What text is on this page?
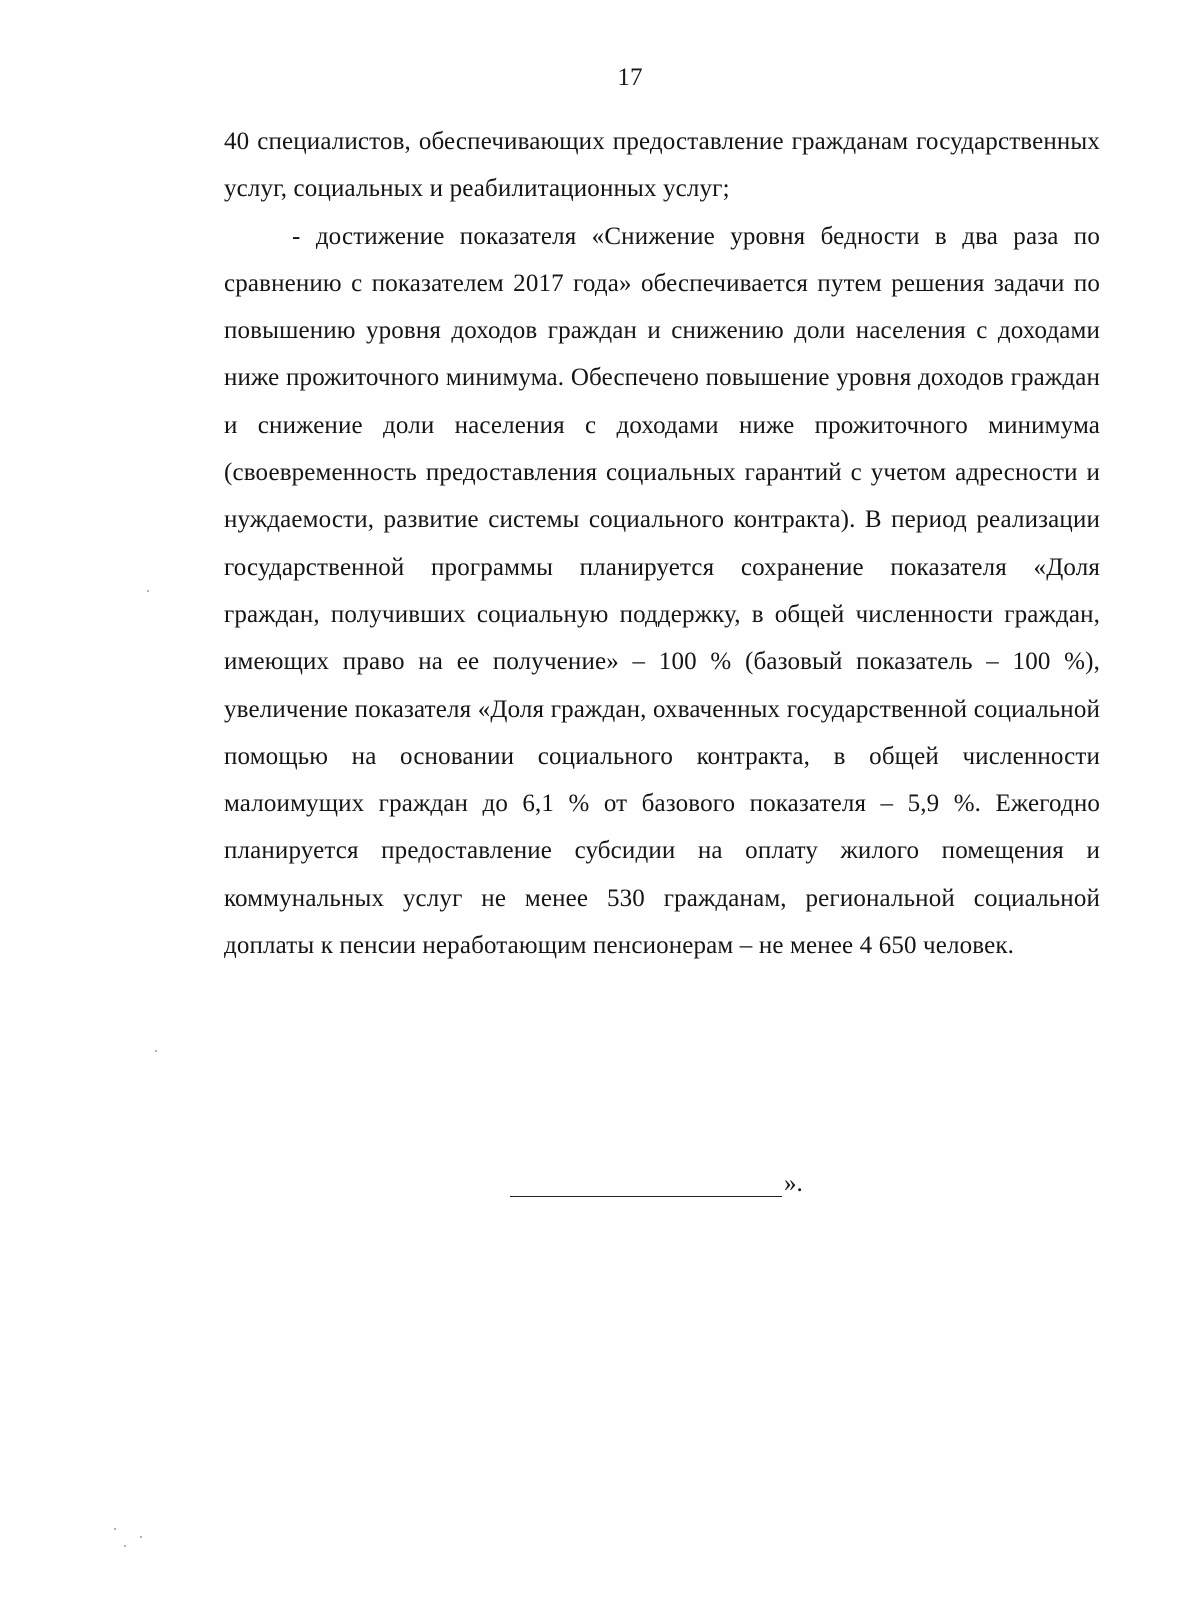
17

40 специалистов, обеспечивающих предоставление гражданам государственных услуг, социальных и реабилитационных услуг;

- достижение показателя «Снижение уровня бедности в два раза по сравнению с показателем 2017 года» обеспечивается путем решения задачи по повышению уровня доходов граждан и снижению доли населения с доходами ниже прожиточного минимума. Обеспечено повышение уровня доходов граждан и снижение доли населения с доходами ниже прожиточного минимума (своевременность предоставления социальных гарантий с учетом адресности и нуждаемости, развитие системы социального контракта). В период реализации государственной программы планируется сохранение показателя «Доля граждан, получивших социальную поддержку, в общей численности граждан, имеющих право на ее получение» – 100 % (базовый показатель – 100 %), увеличение показателя «Доля граждан, охваченных государственной социальной помощью на основании социального контракта, в общей численности малоимущих граждан до 6,1 % от базового показателя – 5,9 %. Ежегодно планируется предоставление субсидии на оплату жилого помещения и коммунальных услуг не менее 530 гражданам, региональной социальной доплаты к пенсии неработающим пенсионерам – не менее 4 650 человек.

».
